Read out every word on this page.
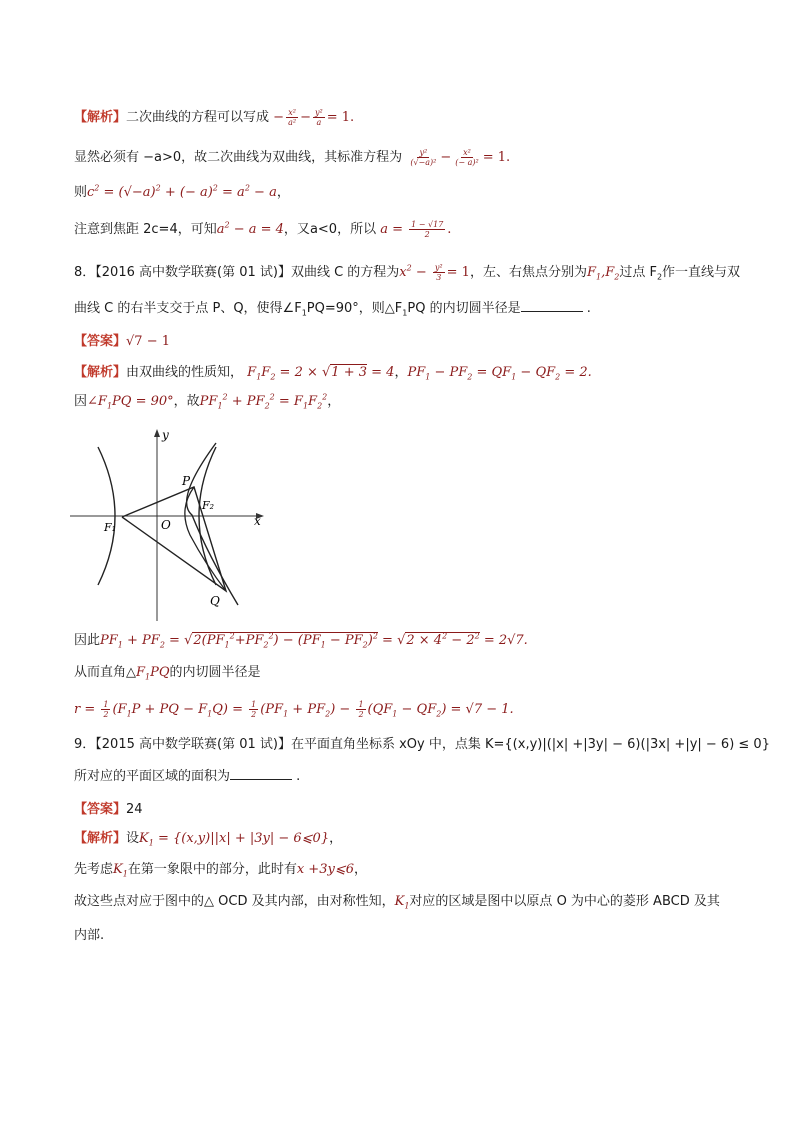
【解析】二次曲线的方程可以写成 − $\frac{\text{x²}}{\text{a²}} - \frac{\text{y²}}{a} = 1$.
显然必须有 −a>0，故二次曲线为双曲线，其标准方程为 $\frac{\text{y²}}{\text{(√−a)²}} - \frac{\text{x²}}{\text{(− a)²}} = 1$.
则$c^2 = (√-a)^2$ + (− $a)^2 = a^2 - a$，
注意到焦距 2c=4，可知$a^2 - a = 4$，又a<0，所以 $a = \frac{1 - √17}{2}$ .
8．【2016 高中数学联赛(第 01 试)】双曲线 C 的方程为$x^2 - \frac{\text{y²}}{3} = 1$，左、右焦点分别为$F_1,F_2$过点 $F_2$作一直线与双
曲线 C 的右半支交于点 P、Q，使得$\angle F_1PQ=90^\circ$，则$\triangle F_1PQ$ 的内切圆半径是	.
【答案】√7 − 1
【解析】由双曲线的性质知， $F_1F_2 = 2 \times √1 + 3 = 4$，$PF_1 - PF_2 = QF_1 - QF_2 = 2$.
因$\angle F_1PQ = 90^\circ$，故$PF_1^2 + PF_2^2 = F_1F_2^2$，
y
x
P
F₂
F₁	O
Q
因此$PF_1 + PF_2 = √2(PF_1^2+PF_2^2) - (PF_1 - PF_2)^2 = √2 \times 4^2 - 2^2 = 2√7$.
从而直角$\triangle F_1PQ$的内切圆半径是
$r = \frac{1}{2} (F_1P$ + PQ − $F_1Q) = \frac{1}{2} (PF_1 + PF_2) - \frac{1}{2} (QF_1 - QF_2) = √7 - 1$.
9．【2015 高中数学联赛(第 01 试)】在平面直角坐标系 xOy 中，点集 K={(x,y)|(|x| +|3y| − 6)(|3x| +|y| − 6) ≤ 0}
所对应的平面区域的面积为	.
【答案】24
【解析】设$K_1 = \{(x,y)||x| + |3y|$ − 6⩽0}，
先考虑$K_1$在第一象限中的部分，此时有x +3y⩽6，
故这些点对应于图中的△ OCD 及其内部，由对称性知，$K_1$对应的区域是图中以原点 O 为中心的菱形 ABCD 及其
内部.
